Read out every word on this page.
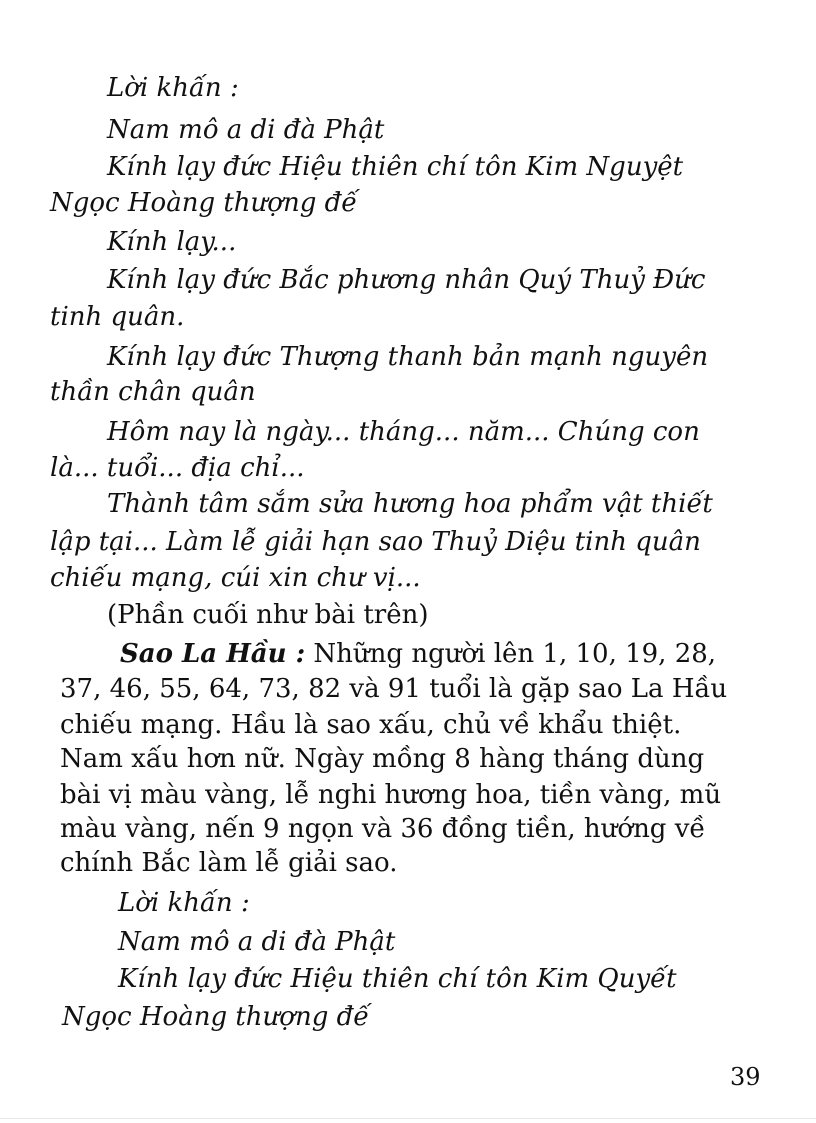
Lời khấn :
Nam mô a di đà Phật
Kính lạy đức Hiệu thiên chí tôn Kim Nguyệt
Ngọc Hoàng thượng đế
Kính lạy...
Kính lạy đức Bắc phương nhân Quý Thuỷ Đức
tinh quân.
Kính lạy đức Thượng thanh bản mạnh nguyên
thần chân quân
Hôm nay là ngày... tháng... năm... Chúng con
là... tuổi... địa chỉ...
Thành tâm sắm sửa hương hoa phẩm vật thiết
lập tại... Làm lễ giải hạn sao Thuỷ Diệu tinh quân
chiếu mạng, cúi xin chư vị...
(Phần cuối như bài trên)
Sao La Hầu : Những người lên 1, 10, 19, 28,
37, 46, 55, 64, 73, 82 và 91 tuổi là gặp sao La Hầu
chiếu mạng. Hầu là sao xấu, chủ về khẩu thiệt.
Nam xấu hơn nữ. Ngày mồng 8 hàng tháng dùng
bài vị màu vàng, lễ nghi hương hoa, tiền vàng, mũ
màu vàng, nến 9 ngọn và 36 đồng tiền, hướng về
chính Bắc làm lễ giải sao.
Lời khấn :
Nam mô a di đà Phật
Kính lạy đức Hiệu thiên chí tôn Kim Quyết
Ngọc Hoàng thượng đế
39
